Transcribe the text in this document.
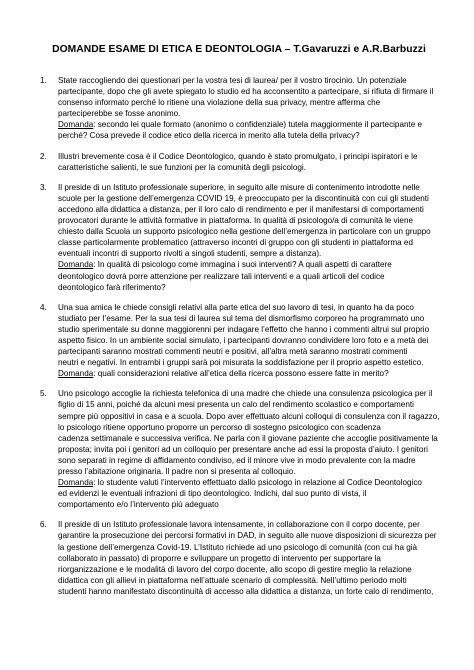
DOMANDE ESAME DI ETICA E DEONTOLOGIA – T.Gavaruzzi e A.R.Barbuzzi
1. State raccogliendo dei questionari per la vostra tesi di laurea/ per il vostro tirocinio. Un potenziale
partecipante, dopo che gli avete spiegato lo studio ed ha acconsentito a partecipare, si rifiuta di firmare il
consenso informato perché lo ritiene una violazione della sua privacy, mentre afferma che
parteciperebbe se fosse anonimo.
Domanda: secondo lei quale formato (anonimo o confidenziale) tutela maggiormente il partecipante e
perché? Cosa prevede il codice etico della ricerca in merito alla tutela della privacy?
2. Illustri brevemente cosa è il Codice Deontologico, quando è stato promulgato, i principi ispiratori e le
caratteristiche salienti, le sue funzioni per la comunità degli psicologi.
3. Il preside di un Istituto professionale superiore, in seguito alle misure di contenimento introdotte nelle
scuole per la gestione dell’emergenza COVID 19, è preoccupato per la discontinuità con cui gli studenti
accedono alla didattica a distanza, per il loro calo di rendimento e per il manifestarsi di comportamenti
provocatori durante le attività formative in piattaforma. In qualità di psicologo/a di comunità le viene
chiesto dalla Scuola un supporto psicologico nella gestione dell’emergenza in particolare con un gruppo
classe particolarmente problematico (attraverso incontri di gruppo con gli studenti in piattaforma ed
eventuali incontri di supporto rivolti a singoli studenti, sempre a distanza).
Domanda: In qualità di psicologo come immagina i suoi interventi? A quali aspetti di carattere
deontologico dovrà porre attenzione per realizzare tali interventi e a quali articoli del codice
deontologico farà riferimento?
4. Una sua amica le chiede consigli relativi alla parte etica del suo lavoro di tesi, in quanto ha da poco
studiato per l’esame. Per la sua tesi di laurea sul tema del dismorfismo corporeo ha programmato uno
studio sperimentale su donne maggiorenni per indagare l’effetto che hanno i commenti altrui sul proprio
aspetto fisico. In un ambiente social simulato, i partecipanti dovranno condividere loro foto e a metà dei
partecipanti saranno mostrati commenti neutri e positivi, all’altra metà saranno mostrati commenti
neutri e negativi. In entrambi i gruppi sarà poi misurata la soddisfazione per il proprio aspetto estetico.
Domanda: quali considerazioni relative all’etica della ricerca possono essere fatte in merito?
5. Uno psicologo accoglie la richiesta telefonica di una madre che chiede una consulenza psicologica per il
figlio di 15 anni, poiché da alcuni mesi presenta un calo del rendimento scolastico e comportamenti
sempre più oppositivi in casa e a scuola. Dopo aver effettuato alcuni colloqui di consulenza con il ragazzo,
lo psicologo ritiene opportuno proporre un percorso di sostegno psicologico con scadenza
cadenza settimanale e successiva verifica. Ne parla con il giovane paziente che accoglie positivamente la
proposta; invita poi i genitori ad un colloquio per presentare anche ad essi la proposta d’aiuto. I genitori
sono separati in regime di affidamento condiviso, ed il minore vive in modo prevalente con la madre
presso l’abitazione originaria. Il padre non si presenta al colloquio.
Domanda: lo studente valuti l’intervento effettuato dallo psicologo in relazione al Codice Deontologico
ed evidenzi le eventuali infrazioni di tipo deontologico. Indichi, dal suo punto di vista, il
comportamento e/o l’intervento più adeguato
6. Il preside di un Istituto professionale lavora intensamente, in collaborazione con il corpo docente, per
garantire la prosecuzione dei percorsi formativi in DAD, in seguito alle nuove disposizioni di sicurezza per
la gestione dell’emergenza Covid-19. L’Istituto richiede ad uno psicologo di comunità (con cui ha già
collaborato in passato) di proporre e sviluppare un progetto di intervento per supportare la
riorganizzazione e le modalità di lavoro del corpo docente, allo scopo di gestire meglio la relazione
didattica con gli allievi in piattaforma nell’attuale scenario di complessità. Nell’ultimo periodo molti
studenti hanno manifestato discontinuità di accesso alla didattica a distanza, un forte calo di rendimento,
